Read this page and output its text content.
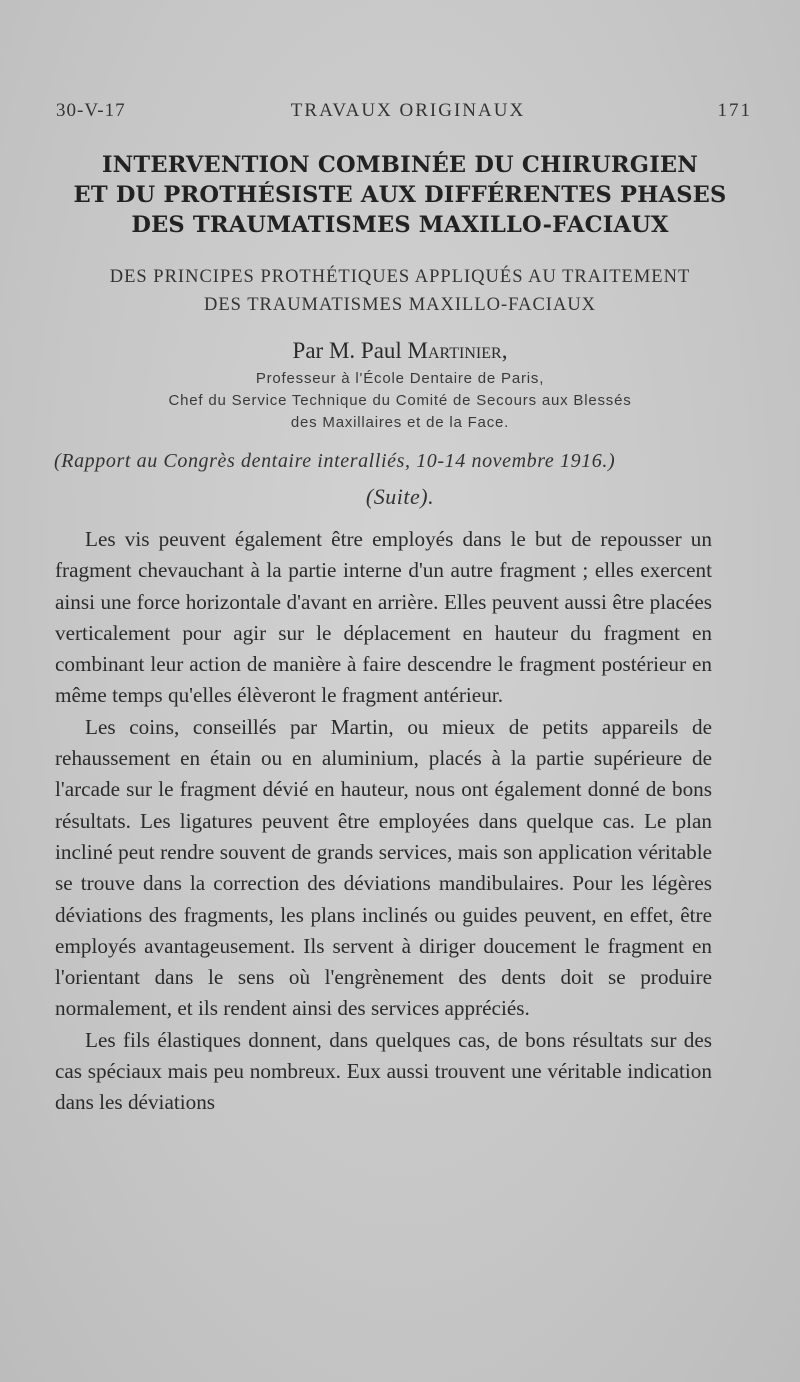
30-V-17	TRAVAUX ORIGINAUX	171
INTERVENTION COMBINÉE DU CHIRURGIEN
ET DU PROTHÉSISTE AUX DIFFÉRENTES PHASES
DES TRAUMATISMES MAXILLO-FACIAUX
DES PRINCIPES PROTHÉTIQUES APPLIQUÉS AU TRAITEMENT
DES TRAUMATISMES MAXILLO-FACIAUX
Par M. Paul Martinier,
Professeur à l'École Dentaire de Paris,
Chef du Service Technique du Comité de Secours aux Blessés
des Maxillaires et de la Face.
(Rapport au Congrès dentaire interalliés, 10-14 novembre 1916.)
(Suite).

Les vis peuvent également être employés dans le but de repousser un fragment chevauchant à la partie interne d'un autre fragment ; elles exercent ainsi une force horizontale d'avant en arrière. Elles peuvent aussi être placées verticalement pour agir sur le déplacement en hauteur du fragment en combinant leur action de manière à faire descendre le fragment postérieur en même temps qu'elles élèveront le fragment antérieur.

Les coins, conseillés par Martin, ou mieux de petits appareils de rehaussement en étain ou en aluminium, placés à la partie supérieure de l'arcade sur le fragment dévié en hauteur, nous ont également donné de bons résultats. Les ligatures peuvent être employées dans quelque cas. Le plan incliné peut rendre souvent de grands services, mais son application véritable se trouve dans la correction des déviations mandibulaires. Pour les légères déviations des fragments, les plans inclinés ou guides peuvent, en effet, être employés avantageusement. Ils servent à diriger doucement le fragment en l'orientant dans le sens où l'engrènement des dents doit se produire normalement, et ils rendent ainsi des services appréciés.

Les fils élastiques donnent, dans quelques cas, de bons résultats sur des cas spéciaux mais peu nombreux. Eux aussi trouvent une véritable indication dans les déviations
